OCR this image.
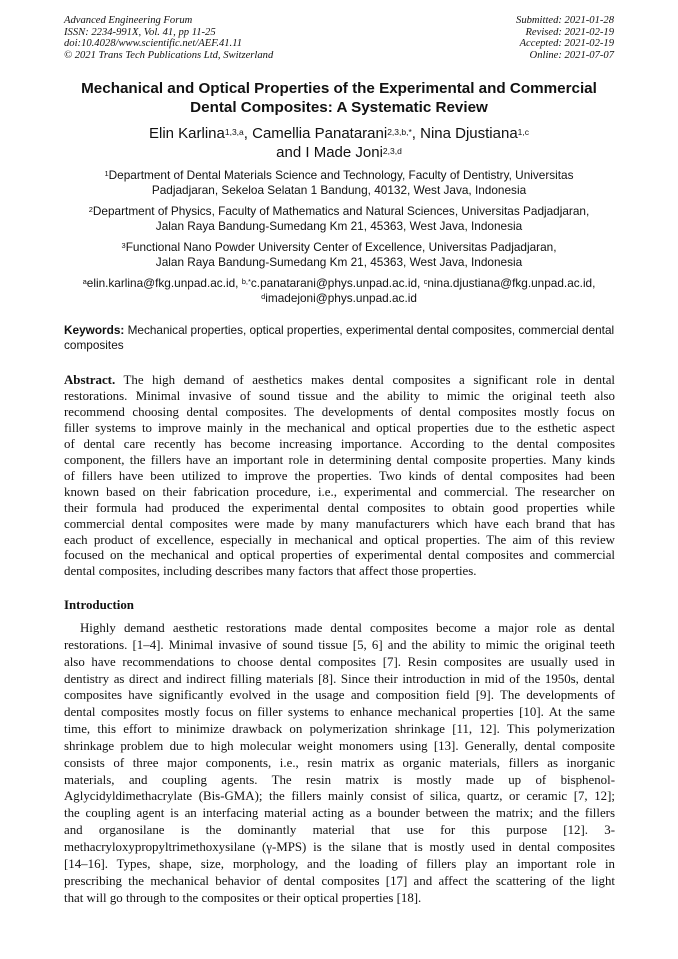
Advanced Engineering Forum
ISSN: 2234-991X, Vol. 41, pp 11-25
doi:10.4028/www.scientific.net/AEF.41.11
© 2021 Trans Tech Publications Ltd, Switzerland
Submitted: 2021-01-28
Revised: 2021-02-19
Accepted: 2021-02-19
Online: 2021-07-07
Mechanical and Optical Properties of the Experimental and Commercial
Dental Composites: A Systematic Review
Elin Karlina$^{1,3,a}$, Camellia Panatarani$^{2,3,b,*}$, Nina Djustiana$^{1,c}$
and I Made Joni$^{2,3,d}$
$^1$Department of Dental Materials Science and Technology, Faculty of Dentistry, Universitas
Padjadjaran, Sekeloa Selatan 1 Bandung, 40132, West Java, Indonesia
$^2$Department of Physics, Faculty of Mathematics and Natural Sciences, Universitas Padjadjaran,
Jalan Raya Bandung-Sumedang Km 21, 45363, West Java, Indonesia
$^3$Functional Nano Powder University Center of Excellence, Universitas Padjadjaran,
Jalan Raya Bandung-Sumedang Km 21, 45363, West Java, Indonesia
$^a$elin.karlina@fkg.unpad.ac.id, $^{b,*}$c.panatarani@phys.unpad.ac.id, $^c$nina.djustiana@fkg.unpad.ac.id,
$^d$imadejoni@phys.unpad.ac.id
Keywords: Mechanical properties, optical properties, experimental dental composites, commercial dental composites
Abstract. The high demand of aesthetics makes dental composites a significant role in dental
restorations. Minimal invasive of sound tissue and the ability to mimic the original teeth also
recommend choosing dental composites. The developments of dental composites mostly focus on
filler systems to improve mainly in the mechanical and optical properties due to the esthetic aspect
of dental care recently has become increasing importance. According to the dental composites
component, the fillers have an important role in determining dental composite properties. Many kinds
of fillers have been utilized to improve the properties. Two kinds of dental composites had been
known based on their fabrication procedure, i.e., experimental and commercial. The researcher on
their formula had produced the experimental dental composites to obtain good properties while
commercial dental composites were made by many manufacturers which have each brand that has
each product of excellence, especially in mechanical and optical properties. The aim of this review
focused on the mechanical and optical properties of experimental dental composites and commercial
dental composites, including describes many factors that affect those properties.
Introduction
Highly demand aesthetic restorations made dental composites become a major role as dental
restorations. [1–4]. Minimal invasive of sound tissue [5, 6] and the ability to mimic the original teeth
also have recommendations to choose dental composites [7]. Resin composites are usually used in
dentistry as direct and indirect filling materials [8]. Since their introduction in mid of the 1950s, dental
composites have significantly evolved in the usage and composition field [9]. The developments of
dental composites mostly focus on filler systems to enhance mechanical properties [10]. At the same
time, this effort to minimize drawback on polymerization shrinkage [11, 12]. This polymerization
shrinkage problem due to high molecular weight monomers using [13]. Generally, dental composite
consists of three major components, i.e., resin matrix as organic materials, fillers as inorganic
materials, and coupling agents. The resin matrix is mostly made up of bisphenol-
Aglycidyldimethacrylate (Bis-GMA); the fillers mainly consist of silica, quartz, or ceramic [7, 12];
the coupling agent is an interfacing material acting as a bounder between the matrix; and the fillers
and organosilane is the dominantly material that use for this purpose [12]. 3-
methacryloxypropyltrimethoxysilane (γ-MPS) is the silane that is mostly used in dental composites
[14–16]. Types, shape, size, morphology, and the loading of fillers play an important role in
prescribing the mechanical behavior of dental composites [17] and affect the scattering of the light
that will go through to the composites or their optical properties [18].
